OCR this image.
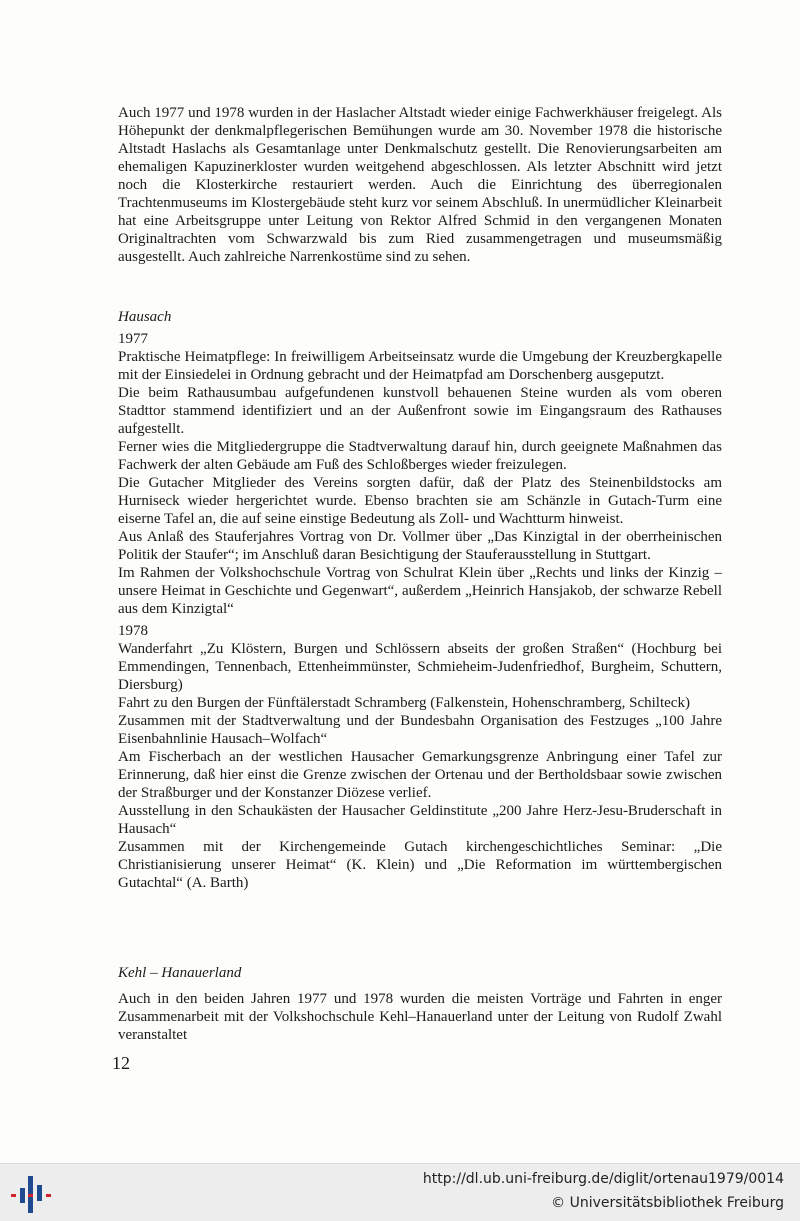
Auch 1977 und 1978 wurden in der Haslacher Altstadt wieder einige Fachwerkhäuser freigelegt. Als Höhepunkt der denkmalpflegerischen Bemühungen wurde am 30. November 1978 die historische Altstadt Haslachs als Gesamtanlage unter Denkmalschutz gestellt. Die Renovierungsarbeiten am ehemaligen Kapuzinerkloster wurden weitgehend abgeschlossen. Als letzter Abschnitt wird jetzt noch die Klosterkirche restauriert werden. Auch die Einrichtung des überregionalen Trachtenmuseums im Klostergebäude steht kurz vor seinem Abschluß. In unermüdlicher Kleinarbeit hat eine Arbeitsgruppe unter Leitung von Rektor Alfred Schmid in den vergangenen Monaten Originaltrachten vom Schwarzwald bis zum Ried zusammengetragen und museumsmäßig ausgestellt. Auch zahlreiche Narrenkostüme sind zu sehen.

Hausach

1977

Praktische Heimatpflege: In freiwilligem Arbeitseinsatz wurde die Umgebung der Kreuzbergkapelle mit der Einsiedelei in Ordnung gebracht und der Heimatpfad am Dorschenberg ausgeputzt.

Die beim Rathausumbau aufgefundenen kunstvoll behauenen Steine wurden als vom oberen Stadttor stammend identifiziert und an der Außenfront sowie im Eingangsraum des Rathauses aufgestellt.

Ferner wies die Mitgliedergruppe die Stadtverwaltung darauf hin, durch geeignete Maßnahmen das Fachwerk der alten Gebäude am Fuß des Schloßberges wieder freizulegen.

Die Gutacher Mitglieder des Vereins sorgten dafür, daß der Platz des Steinenbildstocks am Hurniseck wieder hergerichtet wurde. Ebenso brachten sie am Schänzle in Gutach-Turm eine eiserne Tafel an, die auf seine einstige Bedeutung als Zoll- und Wachtturm hinweist.

Aus Anlaß des Stauferjahres Vortrag von Dr. Vollmer über „Das Kinzigtal in der oberrheinischen Politik der Staufer“; im Anschluß daran Besichtigung der Stauferausstellung in Stuttgart.

Im Rahmen der Volkshochschule Vortrag von Schulrat Klein über „Rechts und links der Kinzig – unsere Heimat in Geschichte und Gegenwart“, außerdem „Heinrich Hansjakob, der schwarze Rebell aus dem Kinzigtal“

1978

Wanderfahrt „Zu Klöstern, Burgen und Schlössern abseits der großen Straßen“ (Hochburg bei Emmendingen, Tennenbach, Ettenheimmünster, Schmieheim-Judenfriedhof, Burgheim, Schuttern, Diersburg)

Fahrt zu den Burgen der Fünftälerstadt Schramberg (Falkenstein, Hohenschramberg, Schilteck)

Zusammen mit der Stadtverwaltung und der Bundesbahn Organisation des Festzuges „100 Jahre Eisenbahnlinie Hausach–Wolfach“

Am Fischerbach an der westlichen Hausacher Gemarkungsgrenze Anbringung einer Tafel zur Erinnerung, daß hier einst die Grenze zwischen der Ortenau und der Bertholdsbaar sowie zwischen der Straßburger und der Konstanzer Diözese verlief.

Ausstellung in den Schaukästen der Hausacher Geldinstitute „200 Jahre Herz-Jesu-Bruderschaft in Hausach“

Zusammen mit der Kirchengemeinde Gutach kirchengeschichtliches Seminar: „Die Christianisierung unserer Heimat“ (K. Klein) und „Die Reformation im württembergischen Gutachtal“ (A. Barth)

Kehl – Hanauerland

Auch in den beiden Jahren 1977 und 1978 wurden die meisten Vorträge und Fahrten in enger Zusammenarbeit mit der Volkshochschule Kehl–Hanauerland unter der Leitung von Rudolf Zwahl veranstaltet

12
http://dl.ub.uni-freiburg.de/diglit/ortenau1979/0014
© Universitätsbibliothek Freiburg
